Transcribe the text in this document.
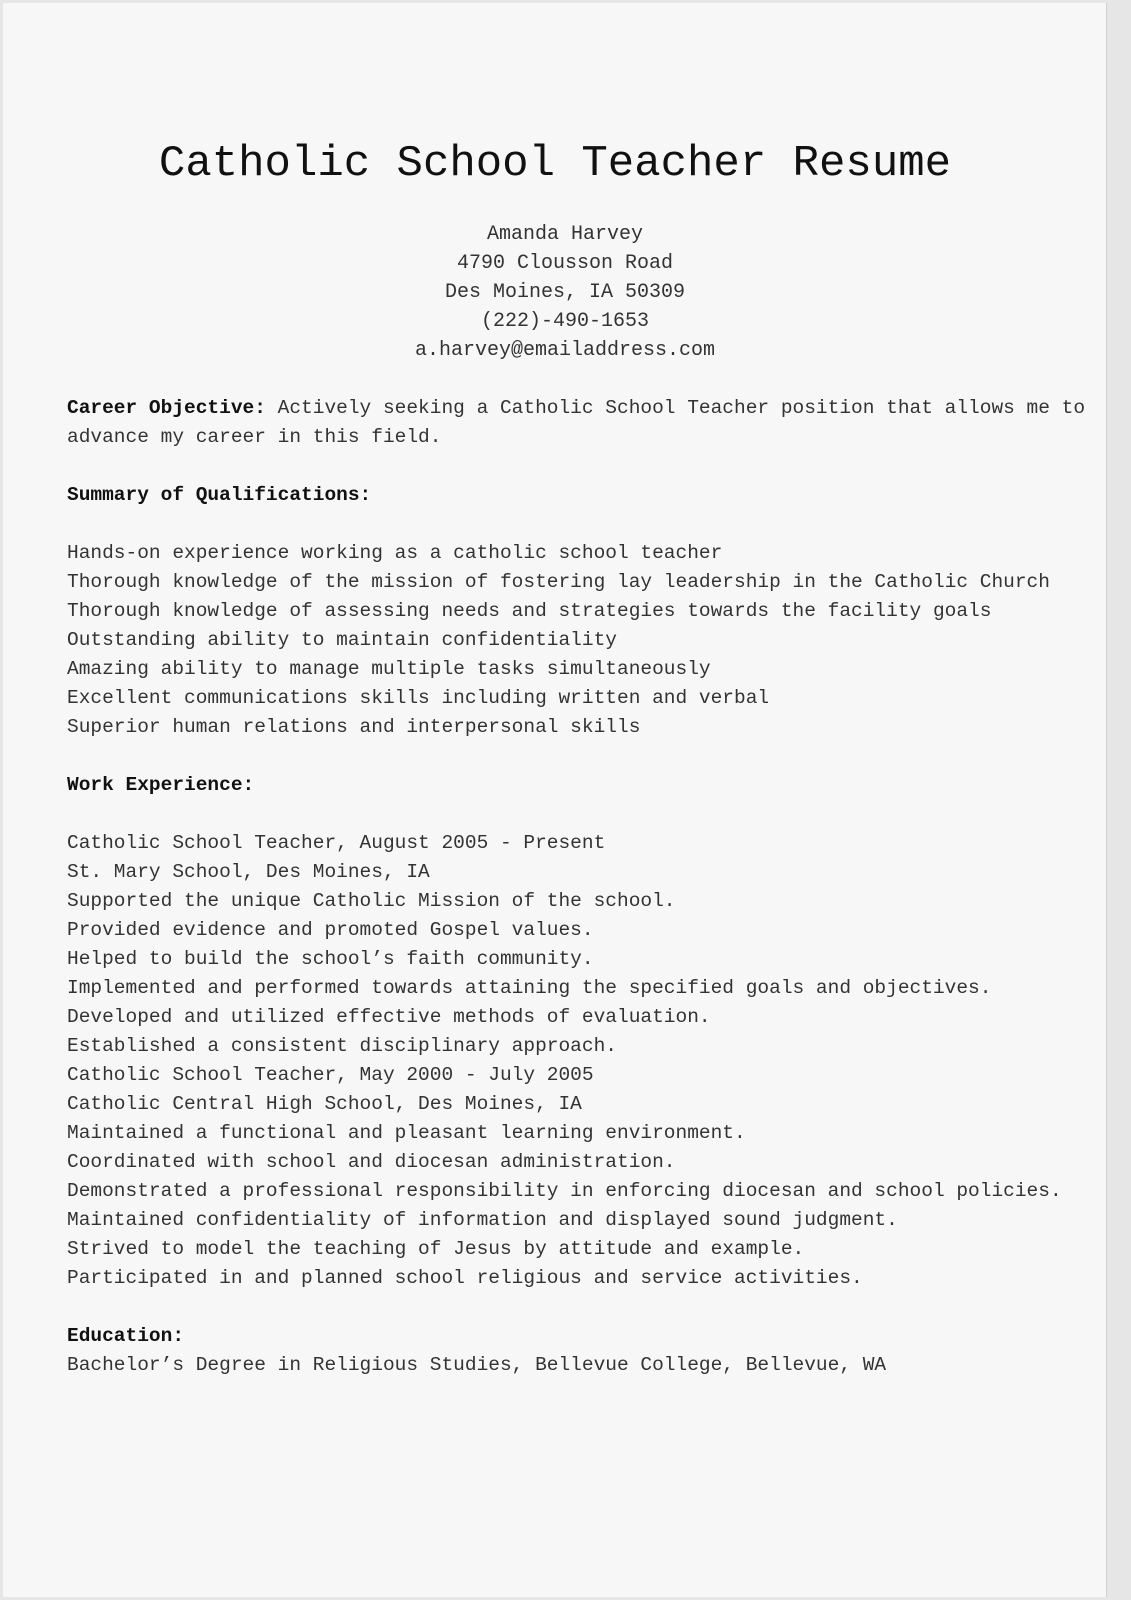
Catholic School Teacher Resume
Amanda Harvey
4790 Clousson Road
Des Moines, IA 50309
(222)-490-1653
a.harvey@emailaddress.com
Career Objective: Actively seeking a Catholic School Teacher position that allows me to
advance my career in this field.
Summary of Qualifications:
Hands-on experience working as a catholic school teacher
Thorough knowledge of the mission of fostering lay leadership in the Catholic Church
Thorough knowledge of assessing needs and strategies towards the facility goals
Outstanding ability to maintain confidentiality
Amazing ability to manage multiple tasks simultaneously
Excellent communications skills including written and verbal
Superior human relations and interpersonal skills
Work Experience:
Catholic School Teacher, August 2005 - Present
St. Mary School, Des Moines, IA
Supported the unique Catholic Mission of the school.
Provided evidence and promoted Gospel values.
Helped to build the school’s faith community.
Implemented and performed towards attaining the specified goals and objectives.
Developed and utilized effective methods of evaluation.
Established a consistent disciplinary approach.
Catholic School Teacher, May 2000 - July 2005
Catholic Central High School, Des Moines, IA
Maintained a functional and pleasant learning environment.
Coordinated with school and diocesan administration.
Demonstrated a professional responsibility in enforcing diocesan and school policies.
Maintained confidentiality of information and displayed sound judgment.
Strived to model the teaching of Jesus by attitude and example.
Participated in and planned school religious and service activities.
Education:
Bachelor’s Degree in Religious Studies, Bellevue College, Bellevue, WA
